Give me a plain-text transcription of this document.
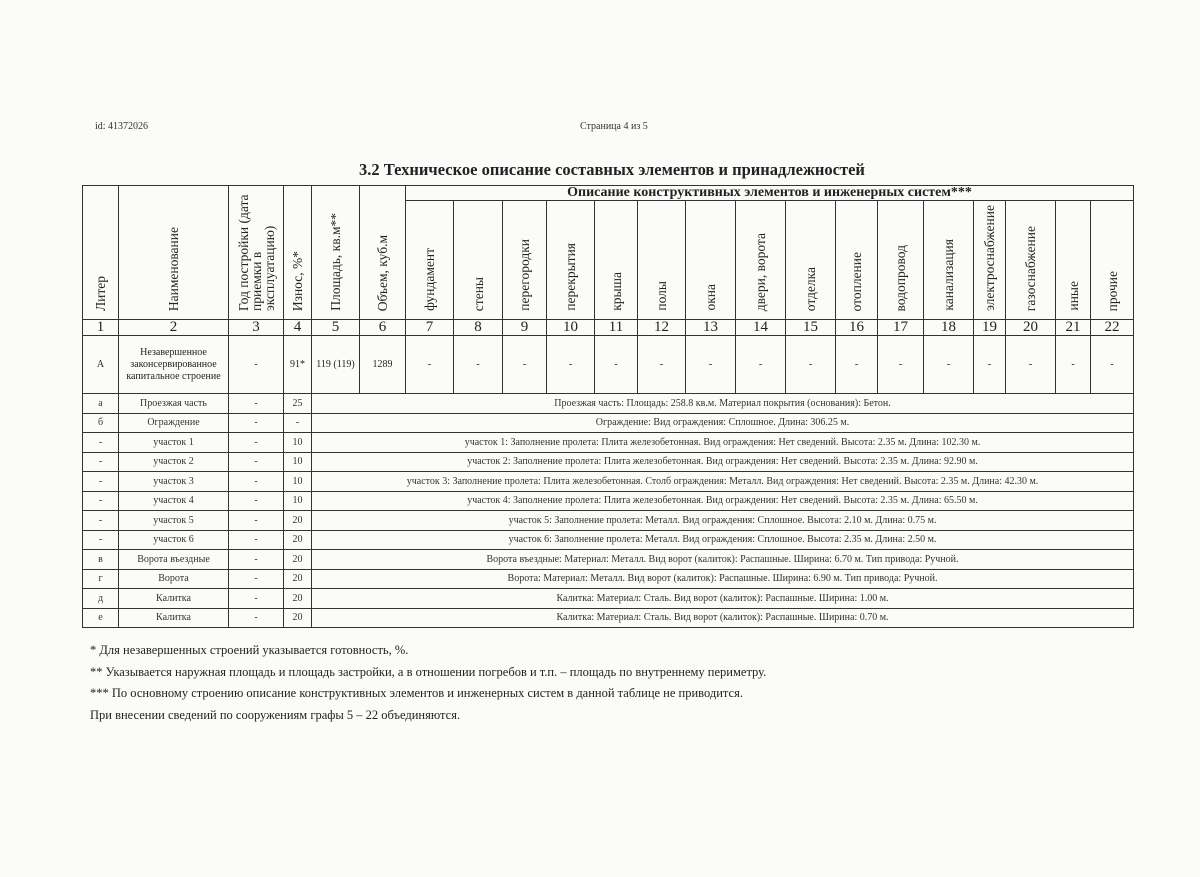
id: 41372026	Страница 4 из 5
3.2 Техническое описание составных элементов и принадлежностей
Литер	Наименование	Год постройки (дата приемки в эксплуатацию)	Износ, %*	Площадь, кв.м**	Объем, куб.м	Описание конструктивных элементов и инженерных систем***															
						фундамент	стены	перегородки	перекрытия	крыша	полы	окна	двери, ворота	отделка	отопление	водопровод	канализация	электроснабжение	газоснабжение	иные	прочие
1	2	3	4	5	6	7	8	9	10	11	12	13	14	15	16	17	18	19	20	21	22
А	Незавершенное законсервированное капитальное строение	-	91*	119 (119)	1289	-	-	-	-	-	-	-	-	-	-	-	-	-	-	-	-
а	Проезжая часть	-	25	Проезжая часть: Площадь: 258.8 кв.м. Материал покрытия (основания): Бетон.																	
б	Ограждение	-	-	Ограждение: Вид ограждения: Сплошное. Длина: 306.25 м.																	
-	участок 1	-	10	участок 1: Заполнение пролета: Плита железобетонная. Вид ограждения: Нет сведений. Высота: 2.35 м. Длина: 102.30 м.																	
-	участок 2	-	10	участок 2: Заполнение пролета: Плита железобетонная. Вид ограждения: Нет сведений. Высота: 2.35 м. Длина: 92.90 м.																	
-	участок 3	-	10	участок 3: Заполнение пролета: Плита железобетонная. Столб ограждения: Металл. Вид ограждения: Нет сведений. Высота: 2.35 м. Длина: 42.30 м.																	
-	участок 4	-	10	участок 4: Заполнение пролета: Плита железобетонная. Вид ограждения: Нет сведений. Высота: 2.35 м. Длина: 65.50 м.																	
-	участок 5	-	20	участок 5: Заполнение пролета: Металл. Вид ограждения: Сплошное. Высота: 2.10 м. Длина: 0.75 м.																	
-	участок 6	-	20	участок 6: Заполнение пролета: Металл. Вид ограждения: Сплошное. Высота: 2.35 м. Длина: 2.50 м.																	
в	Ворота въездные	-	20	Ворота въездные: Материал: Металл. Вид ворот (калиток): Распашные. Ширина: 6.70 м. Тип привода: Ручной.																	
г	Ворота	-	20	Ворота: Материал: Металл. Вид ворот (калиток): Распашные. Ширина: 6.90 м. Тип привода: Ручной.																	
д	Калитка	-	20	Калитка: Материал: Сталь. Вид ворот (калиток): Распашные. Ширина: 1.00 м.																	
е	Калитка	-	20	Калитка: Материал: Сталь. Вид ворот (калиток): Распашные. Ширина: 0.70 м.																	
* Для незавершенных строений указывается готовность, %.
** Указывается наружная площадь и площадь застройки, а в отношении погребов и т.п. – площадь по внутреннему периметру.
*** По основному строению описание конструктивных элементов и инженерных систем в данной таблице не приводится.
При внесении сведений по сооружениям графы 5 – 22 объединяются.
